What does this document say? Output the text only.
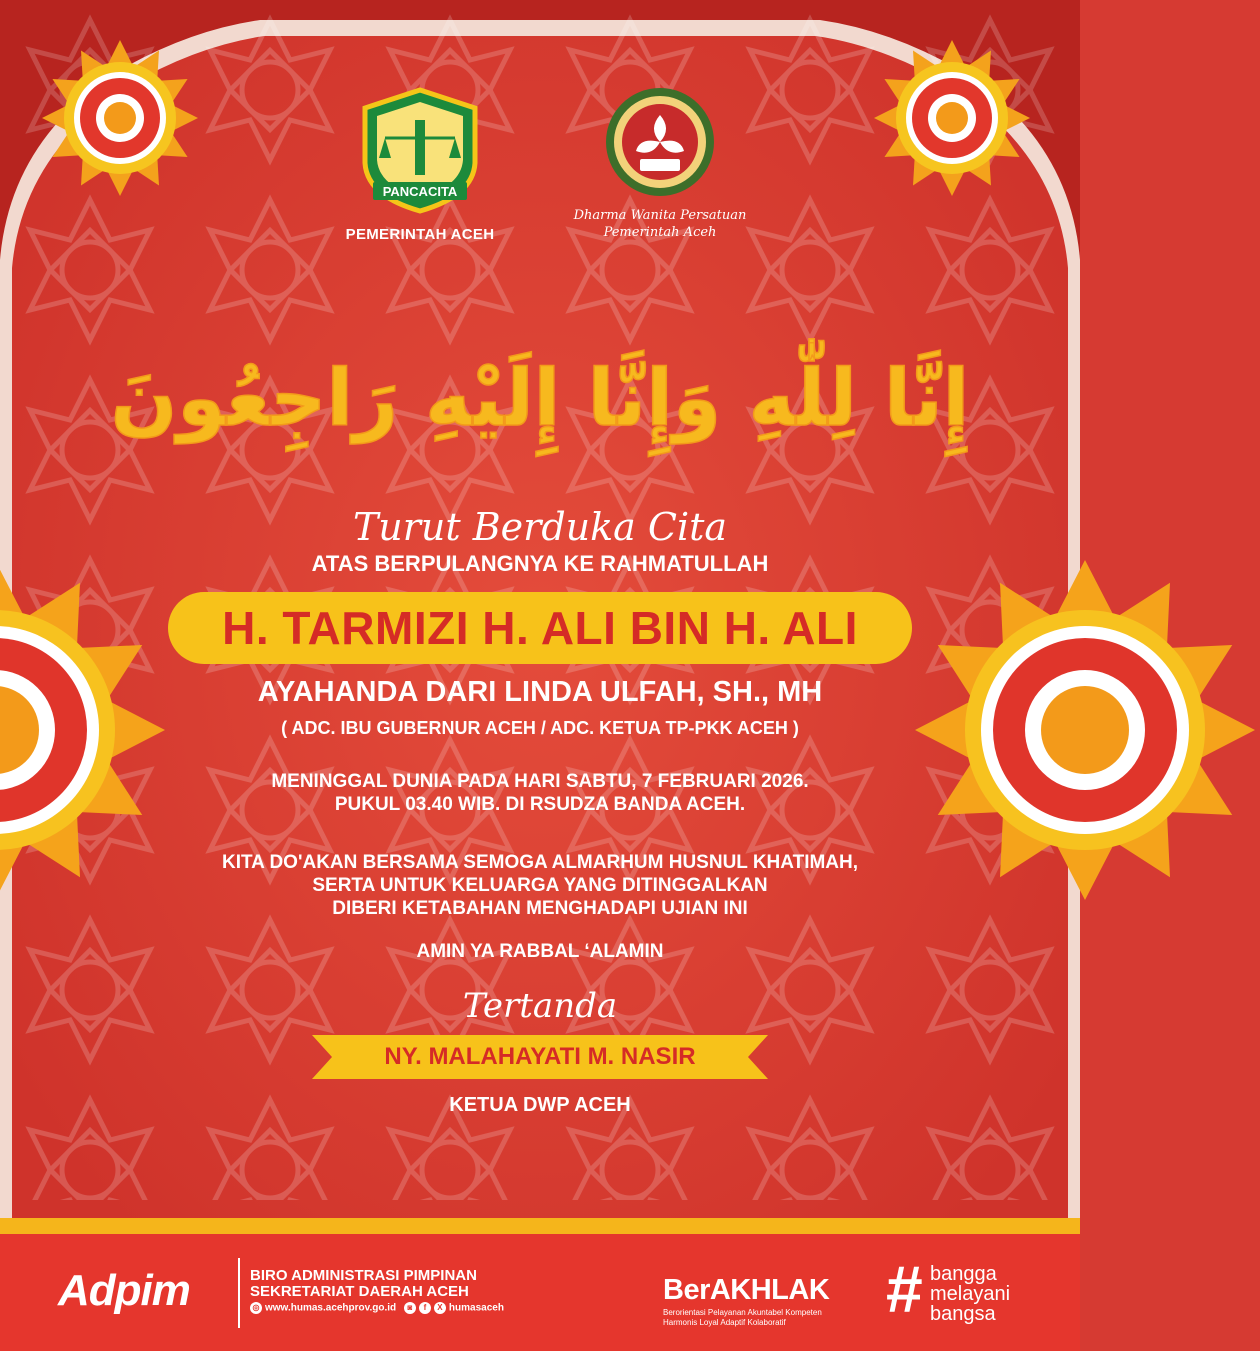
PANCACITA
PEMERINTAH ACEH
Dharma Wanita Persatuan
Pemerintah Aceh
إِنَّا لِلّٰهِ وَإِنَّا إِلَيْهِ رَاجِعُونَ
Turut Berduka Cita
ATAS BERPULANGNYA KE RAHMATULLAH
H. TARMIZI H. ALI BIN H. ALI
AYAHANDA DARI LINDA ULFAH, SH., MH
( ADC. IBU GUBERNUR ACEH / ADC. KETUA TP-PKK ACEH )
MENINGGAL DUNIA PADA HARI SABTU, 7 FEBRUARI 2026.
PUKUL 03.40 WIB. DI RSUDZA BANDA ACEH.
KITA DO'AKAN BERSAMA SEMOGA ALMARHUM HUSNUL KHATIMAH,
SERTA UNTUK KELUARGA YANG DITINGGALKAN
DIBERI KETABAHAN MENGHADAPI UJIAN INI
AMIN YA RABBAL ‘ALAMIN
Tertanda
NY. MALAHAYATI M. NASIR
KETUA DWP ACEH
Adpim	BIRO ADMINISTRASI PIMPINAN
SEKRETARIAT DAERAH ACEH
◎ www.humas.acehprov.go.id ◙ f X humasaceh
BerAKHLAK
Berorientasi Pelayanan Akuntabel Kompeten
Harmonis Loyal Adaptif Kolaboratif # bangga
melayani
bangsa
